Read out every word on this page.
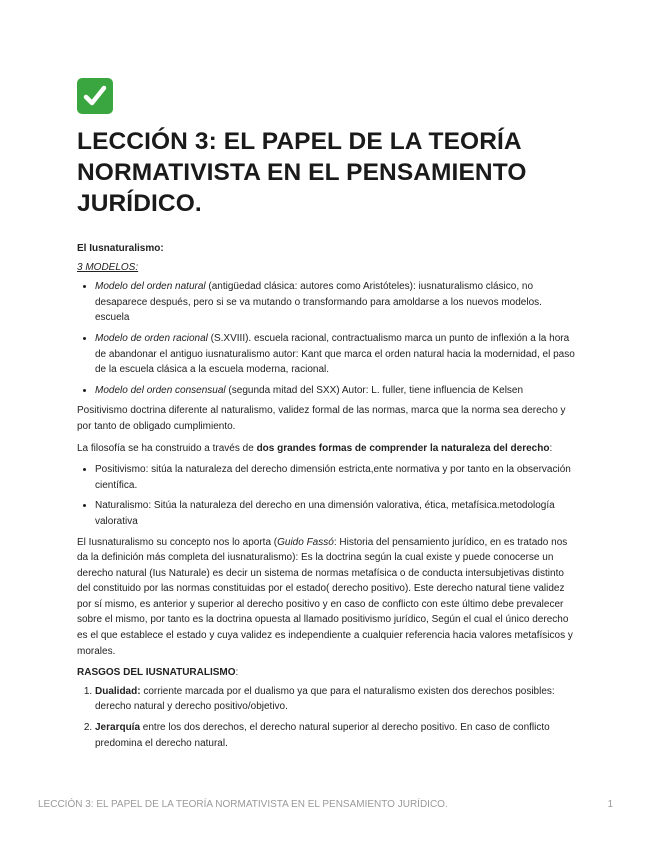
LECCIÓN 3: EL PAPEL DE LA TEORÍA NORMATIVISTA EN EL PENSAMIENTO JURÍDICO.

El Iusnaturalismo:

3 MODELOS:

• Modelo del orden natural (antigüedad clásica: autores como Aristóteles): iusnaturalismo clásico, no desaparece después, pero si se va mutando o transformando para amoldarse a los nuevos modelos. escuela
• Modelo de orden racional (S.XVIII). escuela racional, contractualismo marca un punto de inflexión a la hora de abandonar el antiguo iusnaturalismo autor: Kant que marca el orden natural hacia la modernidad, el paso de la escuela clásica a la escuela moderna, racional.
• Modelo del orden consensual (segunda mitad del SXX) Autor: L. fuller, tiene influencia de Kelsen

Positivismo doctrina diferente al naturalismo, validez formal de las normas, marca que la norma sea derecho y por tanto de obligado cumplimiento.

La filosofía se ha construido a través de dos grandes formas de comprender la naturaleza del derecho:

• Positivismo: sitúa la naturaleza del derecho dimensión estricta,ente normativa y por tanto en la observación científica.
• Naturalismo: Sitúa la naturaleza del derecho en una dimensión valorativa, ética, metafísica.metodología valorativa

El Iusnaturalismo su concepto nos lo aporta (Guido Fassó: Historia del pensamiento jurídico, en es tratado nos da la definición más completa del iusnaturalismo): Es la doctrina según la cual existe y puede conocerse un derecho natural (Ius Naturale) es decir un sistema de normas metafísica o de conducta intersubjetivas distinto del constituido por las normas constituidas por el estado( derecho positivo). Este derecho natural tiene validez por sí mismo, es anterior y superior al derecho positivo y en caso de conflicto con este último debe prevalecer sobre el mismo, por tanto es la doctrina opuesta al llamado positivismo jurídico, Según el cual el único derecho es el que establece el estado y cuya validez es independiente a cualquier referencia hacia valores metafísicos y morales.

RASGOS DEL IUSNATURALISMO:

1. Dualidad: corriente marcada por el dualismo ya que para el naturalismo existen dos derechos posibles: derecho natural y derecho positivo/objetivo.
2. Jerarquía entre los dos derechos, el derecho natural superior al derecho positivo. En caso de conflicto predomina el derecho natural.
LECCIÓN 3: EL PAPEL DE LA TEORÍA NORMATIVISTA EN EL PENSAMIENTO JURÍDICO.	1
